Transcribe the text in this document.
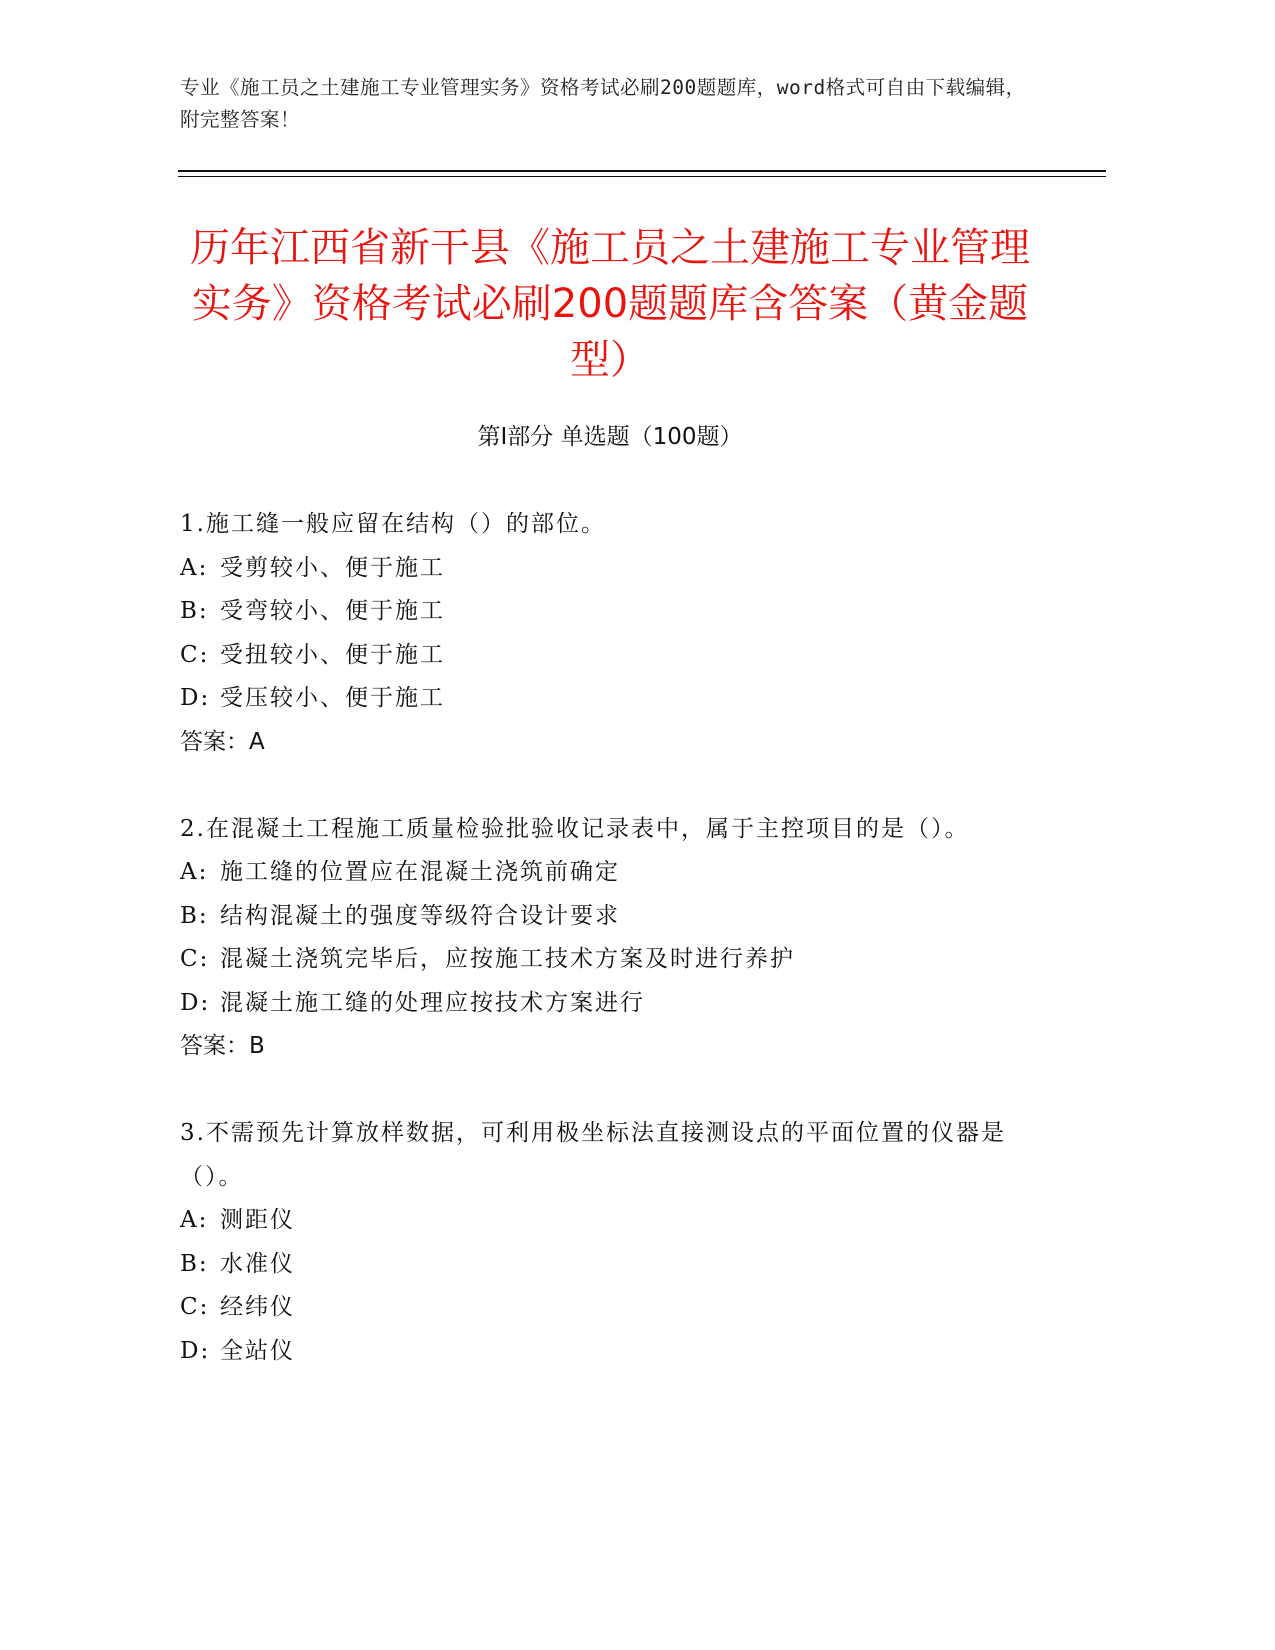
专业《施工员之土建施工专业管理实务》资格考试必刷200题题库，word格式可自由下载编辑，附完整答案！
历年江西省新干县《施工员之土建施工专业管理实务》资格考试必刷200题题库含答案（黄金题型）
第Ⅰ部分 单选题（100题）
1.施工缝一般应留在结构（）的部位。
A: 受剪较小、便于施工
B: 受弯较小、便于施工
C: 受扭较小、便于施工
D: 受压较小、便于施工
答案：A
2.在混凝土工程施工质量检验批验收记录表中，属于主控项目的是（）。
A: 施工缝的位置应在混凝土浇筑前确定
B: 结构混凝土的强度等级符合设计要求
C: 混凝土浇筑完毕后，应按施工技术方案及时进行养护
D: 混凝土施工缝的处理应按技术方案进行
答案：B
3.不需预先计算放样数据，可利用极坐标法直接测设点的平面位置的仪器是（）。
A: 测距仪
B: 水准仪
C: 经纬仪
D: 全站仪
